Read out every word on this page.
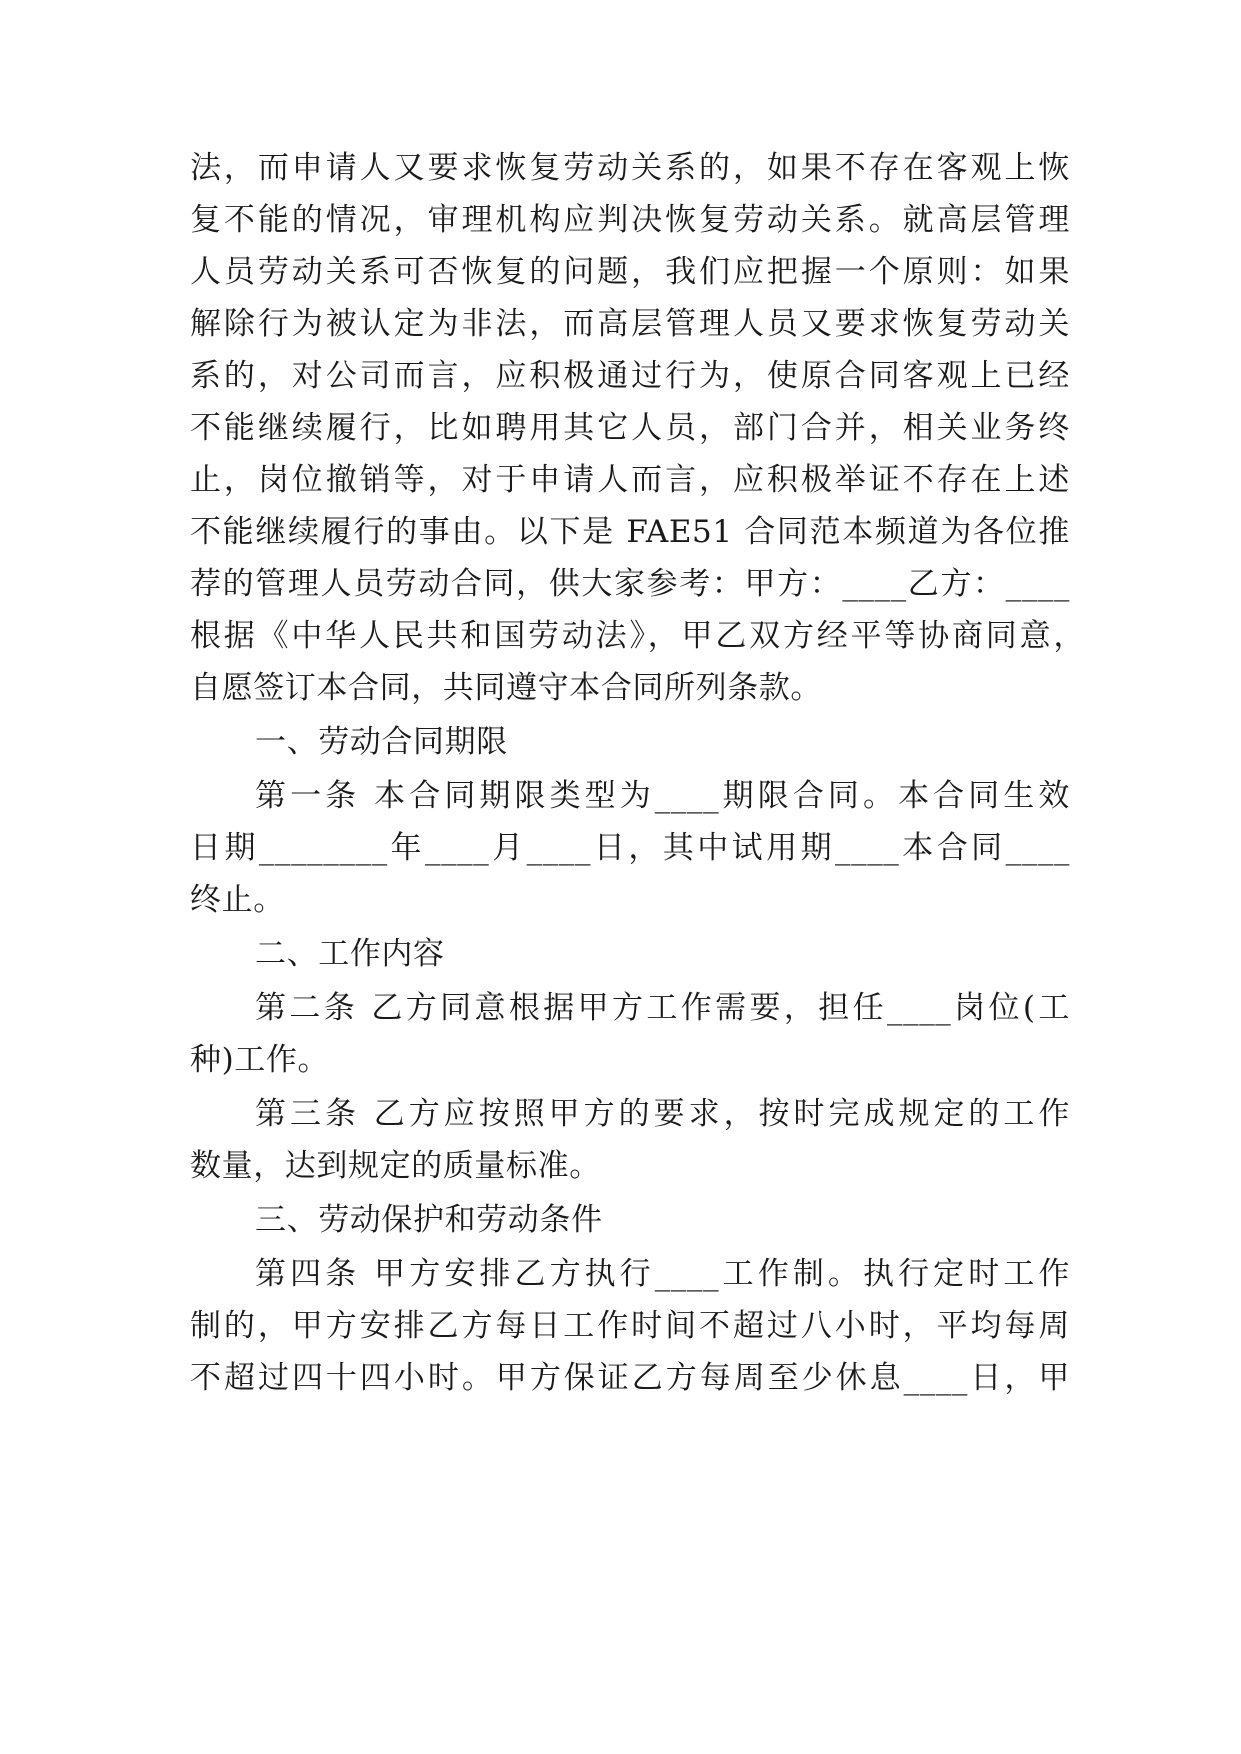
法，而申请人又要求恢复劳动关系的，如果不存在客观上恢
复不能的情况，审理机构应判决恢复劳动关系。就高层管理
人员劳动关系可否恢复的问题，我们应把握一个原则：如果
解除行为被认定为非法，而高层管理人员又要求恢复劳动关
系的，对公司而言，应积极通过行为，使原合同客观上已经
不能继续履行，比如聘用其它人员，部门合并，相关业务终
止，岗位撤销等，对于申请人而言，应积极举证不存在上述
不能继续履行的事由。以下是 FAE51 合同范本频道为各位推
荐的管理人员劳动合同，供大家参考：甲方：____乙方：____
根据《中华人民共和国劳动法》，甲乙双方经平等协商同意，
自愿签订本合同，共同遵守本合同所列条款。
一、劳动合同期限
第一条 本合同期限类型为____期限合同。本合同生效
日期________年____月____日，其中试用期____本合同____
终止。
二、工作内容
第二条 乙方同意根据甲方工作需要，担任____岗位(工
种)工作。
第三条 乙方应按照甲方的要求，按时完成规定的工作
数量，达到规定的质量标准。
三、劳动保护和劳动条件
第四条 甲方安排乙方执行____工作制。执行定时工作
制的，甲方安排乙方每日工作时间不超过八小时，平均每周
不超过四十四小时。甲方保证乙方每周至少休息____日，甲
